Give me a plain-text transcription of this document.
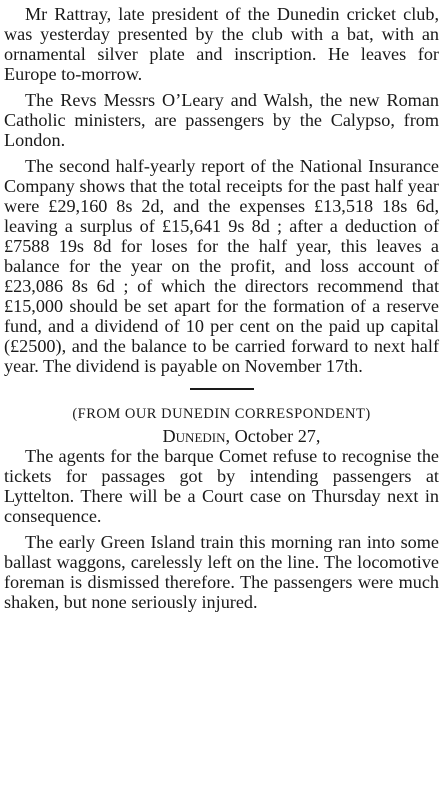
Mr Rattray, late president of the Dunedin cricket club, was yesterday presented by the club with a bat, with an ornamental silver plate and inscription. He leaves for Europe to-morrow.

The Revs Messrs O’Leary and Walsh, the new Roman Catholic ministers, are passengers by the Calypso, from London.

The second half-yearly report of the National Insurance Company shows that the total receipts for the past half year were £29,160 8s 2d, and the expenses £13,518 18s 6d, leaving a surplus of £15,641 9s 8d ; after a deduction of £7588 19s 8d for loses for the half year, this leaves a balance for the year on the profit, and loss account of £23,086 8s 6d ; of which the directors recommend that £15,000 should be set apart for the formation of a reserve fund, and a dividend of 10 per cent on the paid up capital (£2500), and the balance to be carried forward to next half year. The dividend is payable on November 17th.

(FROM OUR DUNEDIN CORRESPONDENT)
Dunedin, October 27,

The agents for the barque Comet refuse to recognise the tickets for passages got by intending passengers at Lyttelton. There will be a Court case on Thursday next in consequence.

The early Green Island train this morning ran into some ballast waggons, carelessly left on the line. The locomotive foreman is dismissed therefore. The passengers were much shaken, but none seriously injured.
